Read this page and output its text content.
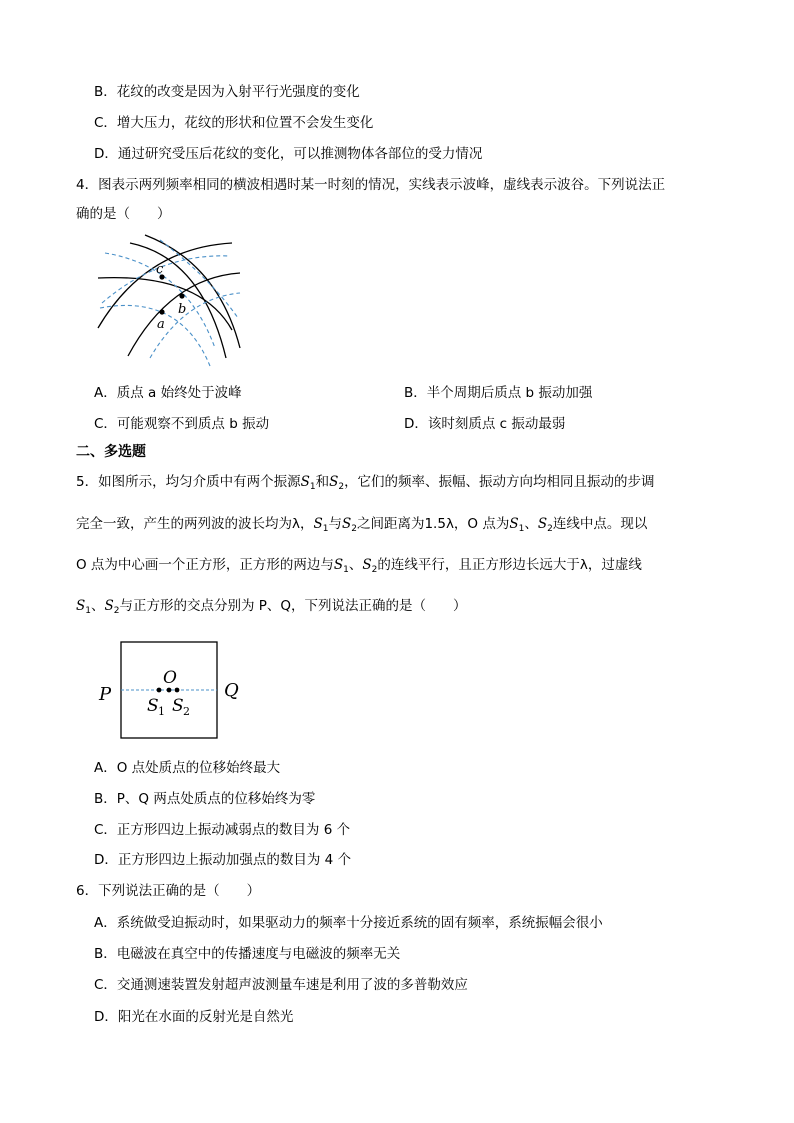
B．花纹的改变是因为入射平行光强度的变化
C．增大压力，花纹的形状和位置不会发生变化
D．通过研究受压后花纹的变化，可以推测物体各部位的受力情况
4．图表示两列频率相同的横波相遇时某一时刻的情况，实线表示波峰，虚线表示波谷。下列说法正
确的是（　　）
c
b
a
A．质点 a 始终处于波峰	B．半个周期后质点 b 振动加强
C．可能观察不到质点 b 振动	D．该时刻质点 c 振动最弱
二、多选题
5．如图所示，均匀介质中有两个振源$S_1$和$S_2$，它们的频率、振幅、振动方向均相同且振动的步调
完全一致，产生的两列波的波长均为λ，$S_1$与$S_2$之间距离为1.5λ，O 点为$S_1$、$S_2$连线中点。现以
O 点为中心画一个正方形，正方形的两边与$S_1$、$S_2$的连线平行，且正方形边长远大于λ，过虚线
$S_1$、$S_2$与正方形的交点分别为 P、Q，下列说法正确的是（　　）
P	Q
O
S 1 S 2
A．O 点处质点的位移始终最大
B．P、Q 两点处质点的位移始终为零
C．正方形四边上振动减弱点的数目为 6 个
D．正方形四边上振动加强点的数目为 4 个
6．下列说法正确的是（　　）
A．系统做受迫振动时，如果驱动力的频率十分接近系统的固有频率，系统振幅会很小
B．电磁波在真空中的传播速度与电磁波的频率无关
C．交通测速装置发射超声波测量车速是利用了波的多普勒效应
D．阳光在水面的反射光是自然光
